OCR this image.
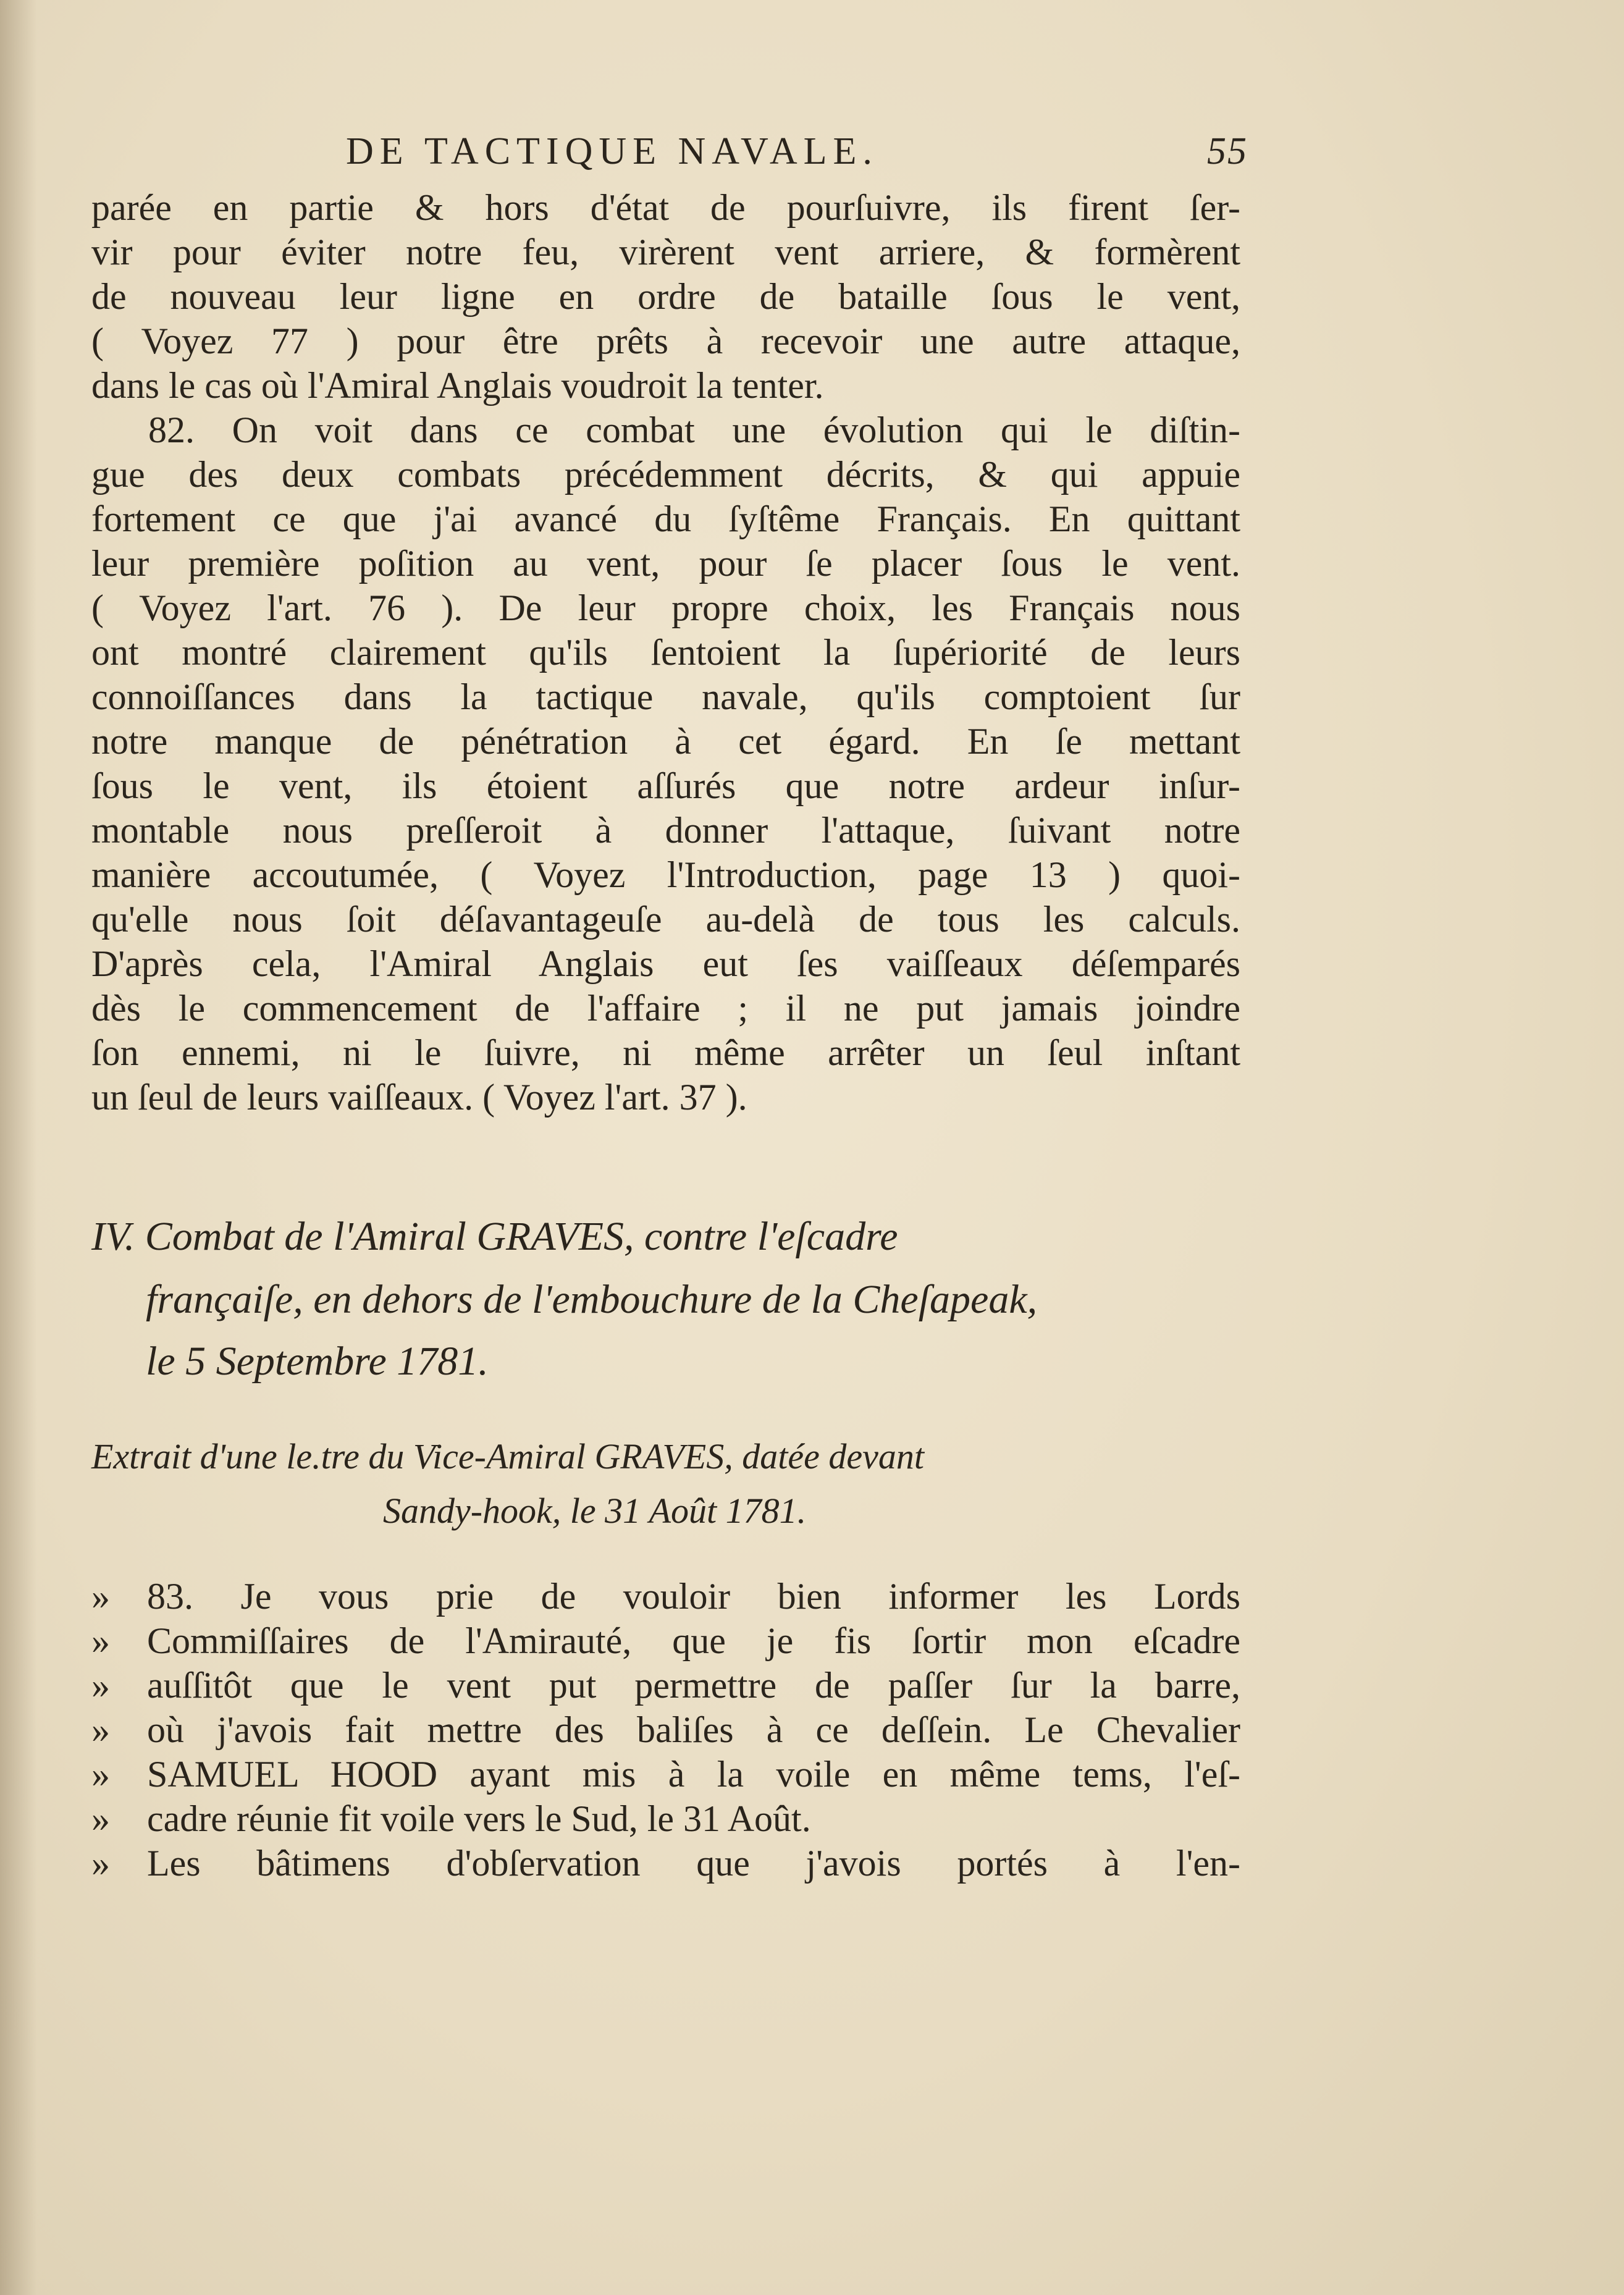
DE TACTIQUE NAVALE.	55
parée en partie & hors d'état de pourſuivre, ils firent ſer-
vir pour éviter notre feu, virèrent vent arriere, & formèrent
de nouveau leur ligne en ordre de bataille ſous le vent,
( Voyez 77 ) pour être prêts à recevoir une autre attaque,
dans le cas où l'Amiral Anglais voudroit la tenter.
82. On voit dans ce combat une évolution qui le diſtin-
gue des deux combats précédemment décrits, & qui appuie
fortement ce que j'ai avancé du ſyſtême Français. En quittant
leur première poſition au vent, pour ſe placer ſous le vent.
( Voyez l'art. 76 ). De leur propre choix, les Français nous
ont montré clairement qu'ils ſentoient la ſupériorité de leurs
connoiſſances dans la tactique navale, qu'ils comptoient ſur
notre manque de pénétration à cet égard. En ſe mettant
ſous le vent, ils étoient aſſurés que notre ardeur inſur-
montable nous preſſeroit à donner l'attaque, ſuivant notre
manière accoutumée, ( Voyez l'Introduction, page 13 ) quoi-
qu'elle nous ſoit déſavantageuſe au-delà de tous les calculs.
D'après cela, l'Amiral Anglais eut ſes vaiſſeaux déſemparés
dès le commencement de l'affaire ; il ne put jamais joindre
ſon ennemi, ni le ſuivre, ni même arrêter un ſeul inſtant
un ſeul de leurs vaiſſeaux. ( Voyez l'art. 37 ).
IV. Combat de l'Amiral GRAVES, contre l'eſcadre
françaiſe, en dehors de l'embouchure de la Cheſapeak,
le 5 Septembre 1781.
Extrait d'une le.tre du Vice-Amiral GRAVES, datée devant
Sandy-hook, le 31 Août 1781.
» 83. Je vous prie de vouloir bien informer les Lords
» Commiſſaires de l'Amirauté, que je fis ſortir mon eſcadre
» auſſitôt que le vent put permettre de paſſer ſur la barre,
» où j'avois fait mettre des baliſes à ce deſſein. Le Chevalier
» SAMUEL HOOD ayant mis à la voile en même tems, l'eſ-
» cadre réunie fit voile vers le Sud, le 31 Août.
» Les bâtimens d'obſervation que j'avois portés à l'en-
